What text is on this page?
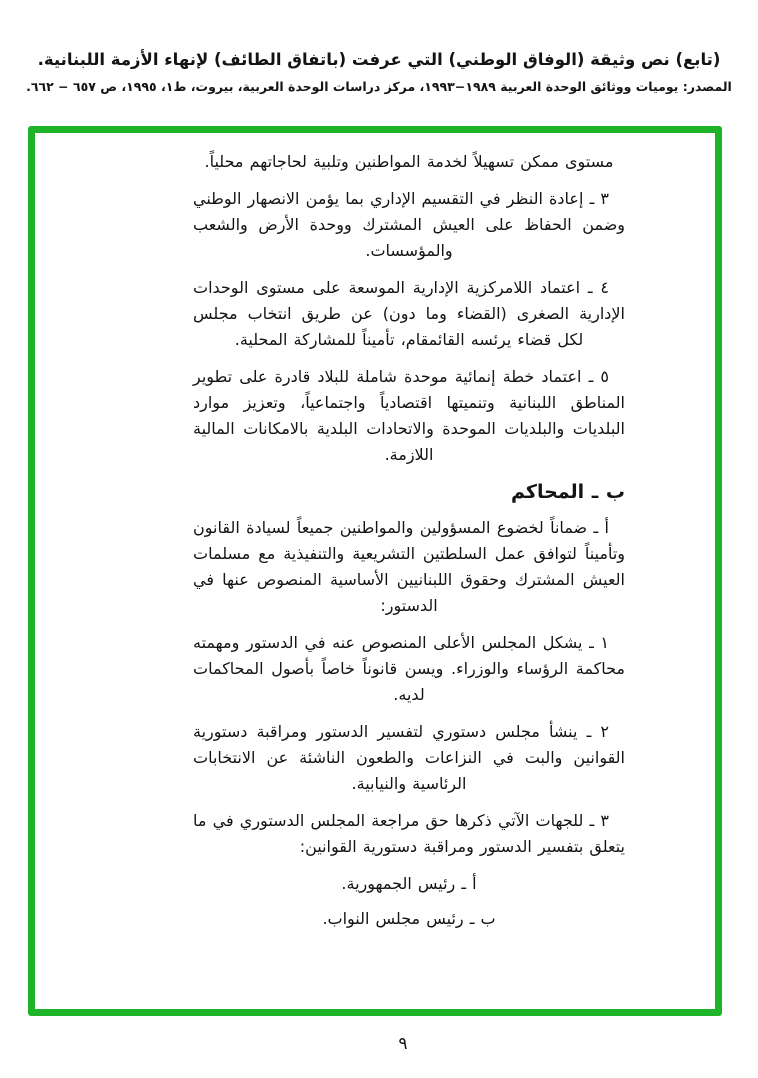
(تابع) نص وثيقة (الوفاق الوطني) التي عرفت (باتفاق الطائف) لإنهاء الأزمة اللبنانية.
المصدر: يوميات ووثائق الوحدة العربية ١٩٨٩−١٩٩٣، مركز دراسات الوحدة العربية، بيروت، ط١، ١٩٩٥، ص ٦٥٧ − ٦٦٢.

مستوى ممكن تسهيلاً لخدمة المواطنين وتلبية لحاجاتهم محلياً.

٣ ـ إعادة النظر في التقسيم الإداري بما يؤمن الانصهار الوطني وضمن الحفاظ على العيش المشترك ووحدة الأرض والشعب والمؤسسات.

٤ ـ اعتماد اللامركزية الإدارية الموسعة على مستوى الوحدات الإدارية الصغرى (القضاء وما دون) عن طريق انتخاب مجلس لكل قضاء يرئسه القائمقام، تأميناً للمشاركة المحلية.

٥ ـ اعتماد خطة إنمائية موحدة شاملة للبلاد قادرة على تطوير المناطق اللبنانية وتنميتها اقتصادياً واجتماعياً، وتعزيز موارد البلديات والبلديات الموحدة والاتحادات البلدية بالامكانات المالية اللازمة.

ب ـ المحاكم

أ ـ ضماناً لخضوع المسؤولين والمواطنين جميعاً لسيادة القانون وتأميناً لتوافق عمل السلطتين التشريعية والتنفيذية مع مسلمات العيش المشترك وحقوق اللبنانيين الأساسية المنصوص عنها في الدستور:

١ ـ يشكل المجلس الأعلى المنصوص عنه في الدستور ومهمته محاكمة الرؤساء والوزراء. ويسن قانوناً خاصاً بأصول المحاكمات لديه.

٢ ـ ينشأ مجلس دستوري لتفسير الدستور ومراقبة دستورية القوانين والبت في النزاعات والطعون الناشئة عن الانتخابات الرئاسية والنيابية.

٣ ـ للجهات الآتي ذكرها حق مراجعة المجلس الدستوري في ما يتعلق بتفسير الدستور ومراقبة دستورية القوانين:

أ ـ رئيس الجمهورية.

ب ـ رئيس مجلس النواب.

٩
